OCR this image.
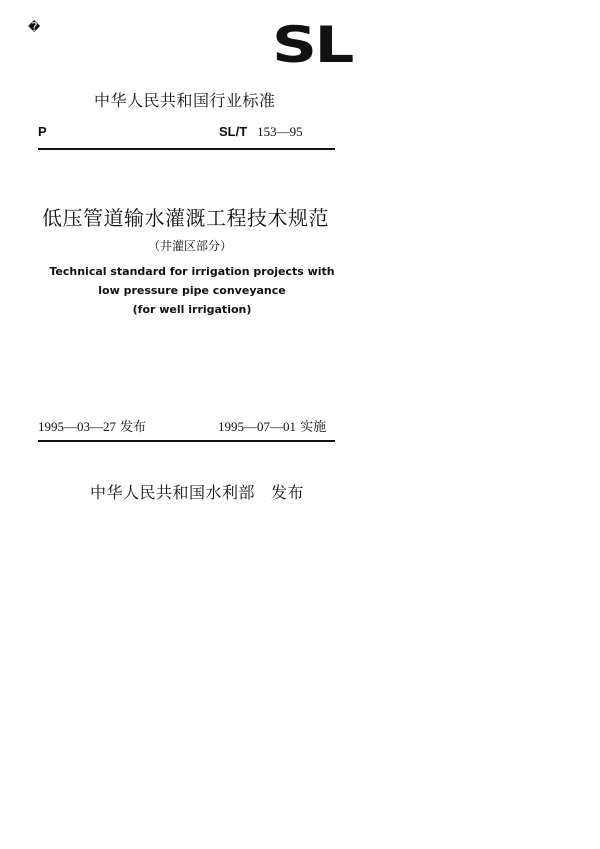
�	SL
中华人民共和国行业标准
P	SL/T 153—95
低压管道输水灌溉工程技术规范
（井灌区部分）
Technical standard for irrigation projects with
low pressure pipe conveyance
(for well irrigation)
1995—03—27 发布	1995—07—01 实施
中华人民共和国水利部 发布
